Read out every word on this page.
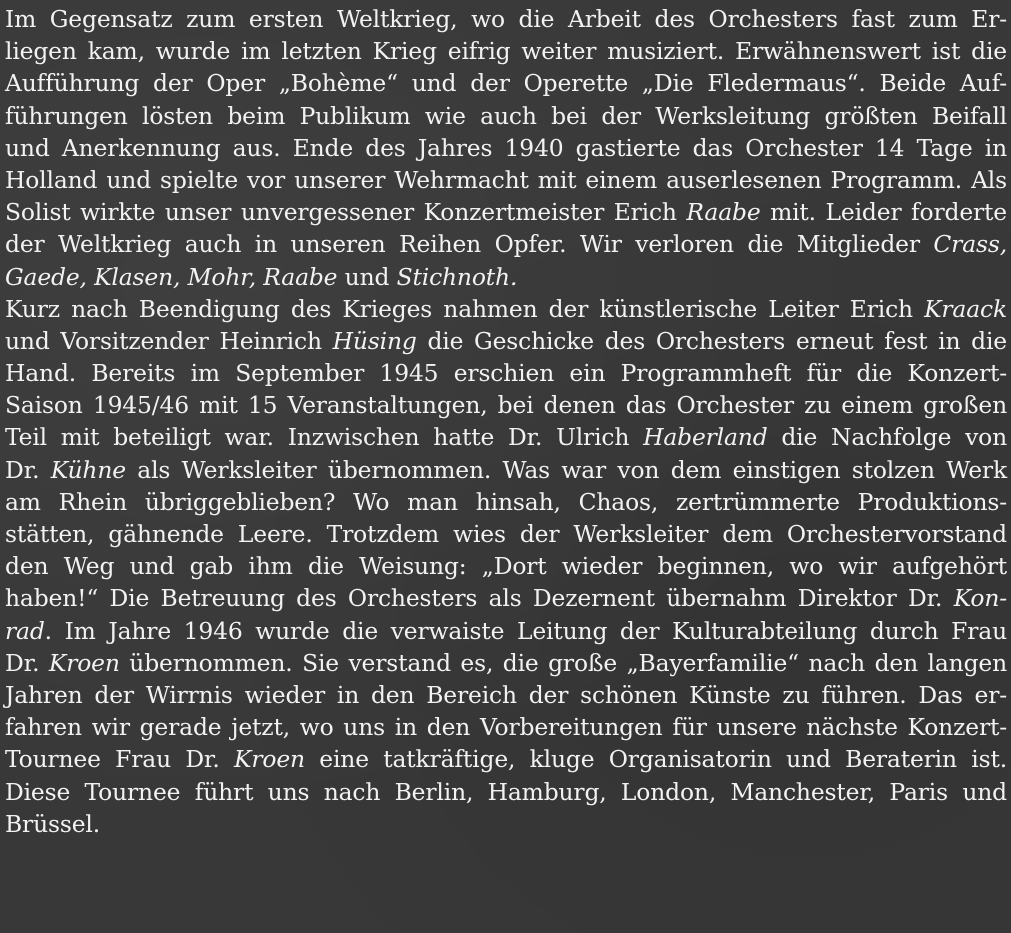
Im Gegensatz zum ersten Weltkrieg, wo die Arbeit des Orchesters fast zum Er-
liegen kam, wurde im letzten Krieg eifrig weiter musiziert. Erwähnenswert ist die
Aufführung der Oper „Bohème“ und der Operette „Die Fledermaus“. Beide Auf-
führungen lösten beim Publikum wie auch bei der Werksleitung größten Beifall
und Anerkennung aus. Ende des Jahres 1940 gastierte das Orchester 14 Tage in
Holland und spielte vor unserer Wehrmacht mit einem auserlesenen Programm. Als
Solist wirkte unser unvergessener Konzertmeister Erich Raabe mit. Leider forderte
der Weltkrieg auch in unseren Reihen Opfer. Wir verloren die Mitglieder Crass,
Gaede, Klasen, Mohr, Raabe und Stichnoth.
Kurz nach Beendigung des Krieges nahmen der künstlerische Leiter Erich Kraack
und Vorsitzender Heinrich Hüsing die Geschicke des Orchesters erneut fest in die
Hand. Bereits im September 1945 erschien ein Programmheft für die Konzert-
Saison 1945/46 mit 15 Veranstaltungen, bei denen das Orchester zu einem großen
Teil mit beteiligt war. Inzwischen hatte Dr. Ulrich Haberland die Nachfolge von
Dr. Kühne als Werksleiter übernommen. Was war von dem einstigen stolzen Werk
am Rhein übriggeblieben? Wo man hinsah, Chaos, zertrümmerte Produktions-
stätten, gähnende Leere. Trotzdem wies der Werksleiter dem Orchestervorstand
den Weg und gab ihm die Weisung: „Dort wieder beginnen, wo wir aufgehört
haben!“ Die Betreuung des Orchesters als Dezernent übernahm Direktor Dr. Kon-
rad. Im Jahre 1946 wurde die verwaiste Leitung der Kulturabteilung durch Frau
Dr. Kroen übernommen. Sie verstand es, die große „Bayerfamilie“ nach den langen
Jahren der Wirrnis wieder in den Bereich der schönen Künste zu führen. Das er-
fahren wir gerade jetzt, wo uns in den Vorbereitungen für unsere nächste Konzert-
Tournee Frau Dr. Kroen eine tatkräftige, kluge Organisatorin und Beraterin ist.
Diese Tournee führt uns nach Berlin, Hamburg, London, Manchester, Paris und
Brüssel.
